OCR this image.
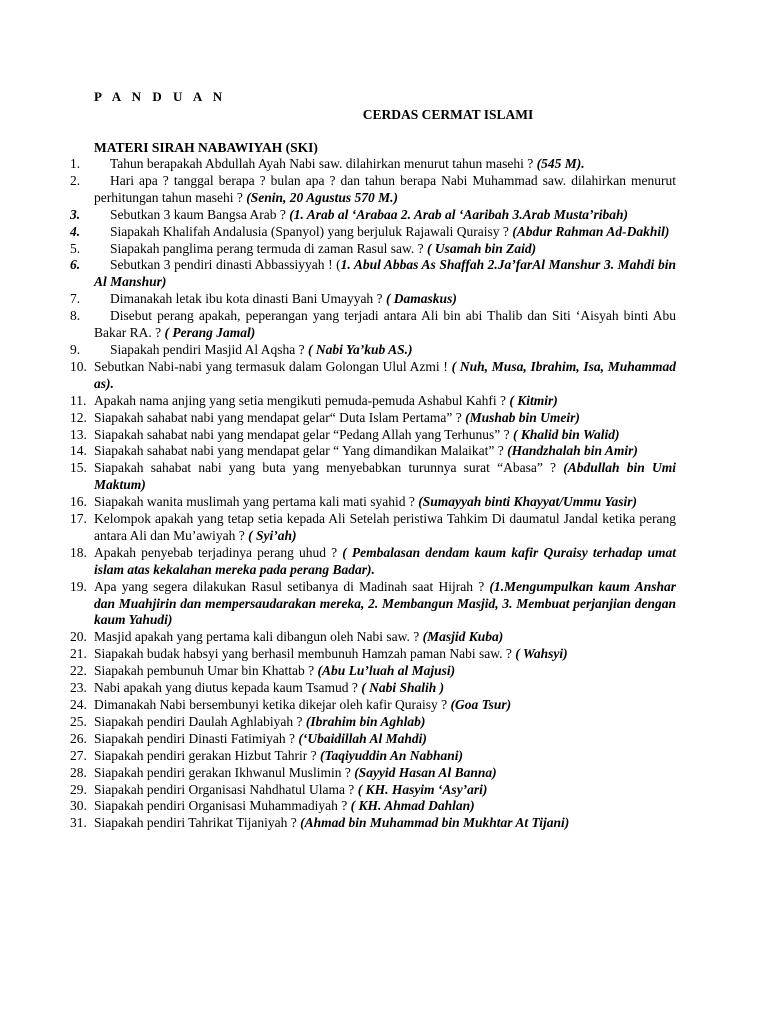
P A N D U A N
CERDAS CERMAT ISLAMI
MATERI SIRAH NABAWIYAH (SKI)
1.	Tahun berapakah Abdullah Ayah Nabi saw. dilahirkan menurut tahun masehi ? (545 M).
2.	Hari apa ? tanggal berapa ? bulan apa ? dan tahun berapa Nabi Muhammad saw. dilahirkan menurut perhitungan tahun masehi ? (Senin, 20 Agustus 570 M.)
3.	Sebutkan 3 kaum Bangsa Arab ? (1. Arab al ‘Arabaa 2. Arab al ‘Aaribah 3.Arab Musta’ribah)
4.	Siapakah Khalifah Andalusia (Spanyol) yang berjuluk Rajawali Quraisy ? (Abdur Rahman Ad-Dakhil)
5.	Siapakah panglima perang termuda di zaman Rasul saw. ? ( Usamah bin Zaid)
6.	Sebutkan 3 pendiri dinasti Abbassiyyah ! (1. Abul Abbas As Shaffah 2.Ja’farAl Manshur 3. Mahdi bin Al Manshur)
7.	Dimanakah letak ibu kota dinasti Bani Umayyah ? ( Damaskus)
8.	Disebut perang apakah, peperangan yang terjadi antara Ali bin abi Thalib dan Siti ‘Aisyah binti Abu Bakar RA. ? ( Perang Jamal)
9.	Siapakah pendiri Masjid Al Aqsha ? ( Nabi Ya’kub AS.)
10. Sebutkan Nabi-nabi yang termasuk dalam Golongan Ulul Azmi ! ( Nuh, Musa, Ibrahim, Isa, Muhammad as).
11. Apakah nama anjing yang setia mengikuti pemuda-pemuda Ashabul Kahfi ? ( Kitmir)
12. Siapakah sahabat nabi yang mendapat gelar“ Duta Islam Pertama” ? (Mushab bin Umeir)
13. Siapakah sahabat nabi yang mendapat gelar “Pedang Allah yang Terhunus” ? ( Khalid bin Walid)
14. Siapakah sahabat nabi yang mendapat gelar “ Yang dimandikan Malaikat” ? (Handzhalah bin Amir)
15. Siapakah sahabat nabi yang buta yang menyebabkan turunnya surat “Abasa” ? (Abdullah bin Umi Maktum)
16. Siapakah wanita muslimah yang pertama kali mati syahid ? (Sumayyah binti Khayyat/Ummu Yasir)
17. Kelompok apakah yang tetap setia kepada Ali Setelah peristiwa Tahkim Di daumatul Jandal ketika perang antara Ali dan Mu’awiyah ? ( Syi’ah)
18. Apakah penyebab terjadinya perang uhud ? ( Pembalasan dendam kaum kafir Quraisy terhadap umat islam atas kekalahan mereka pada perang Badar).
19. Apa yang segera dilakukan Rasul setibanya di Madinah saat Hijrah ? (1.Mengumpulkan kaum Anshar dan Muahjirin dan mempersaudarakan mereka, 2. Membangun Masjid, 3. Membuat perjanjian dengan kaum Yahudi)
20. Masjid apakah yang pertama kali dibangun oleh Nabi saw. ? (Masjid Kuba)
21. Siapakah budak habsyi yang berhasil membunuh Hamzah paman Nabi saw. ? ( Wahsyi)
22. Siapakah pembunuh Umar bin Khattab ? (Abu Lu’luah al Majusi)
23. Nabi apakah yang diutus kepada kaum Tsamud ? ( Nabi Shalih )
24. Dimanakah Nabi bersembunyi ketika dikejar oleh kafir Quraisy ? (Goa Tsur)
25. Siapakah pendiri Daulah Aghlabiyah ? (Ibrahim bin Aghlab)
26. Siapakah pendiri Dinasti Fatimiyah ? (‘Ubaidillah Al Mahdi)
27. Siapakah pendiri gerakan Hizbut Tahrir ? (Taqiyuddin An Nabhani)
28. Siapakah pendiri gerakan Ikhwanul Muslimin ? (Sayyid Hasan Al Banna)
29. Siapakah pendiri Organisasi Nahdhatul Ulama ? ( KH. Hasyim ‘Asy’ari)
30. Siapakah pendiri Organisasi Muhammadiyah ? ( KH. Ahmad Dahlan)
31. Siapakah pendiri Tahrikat Tijaniyah ? (Ahmad bin Muhammad bin Mukhtar At Tijani)
